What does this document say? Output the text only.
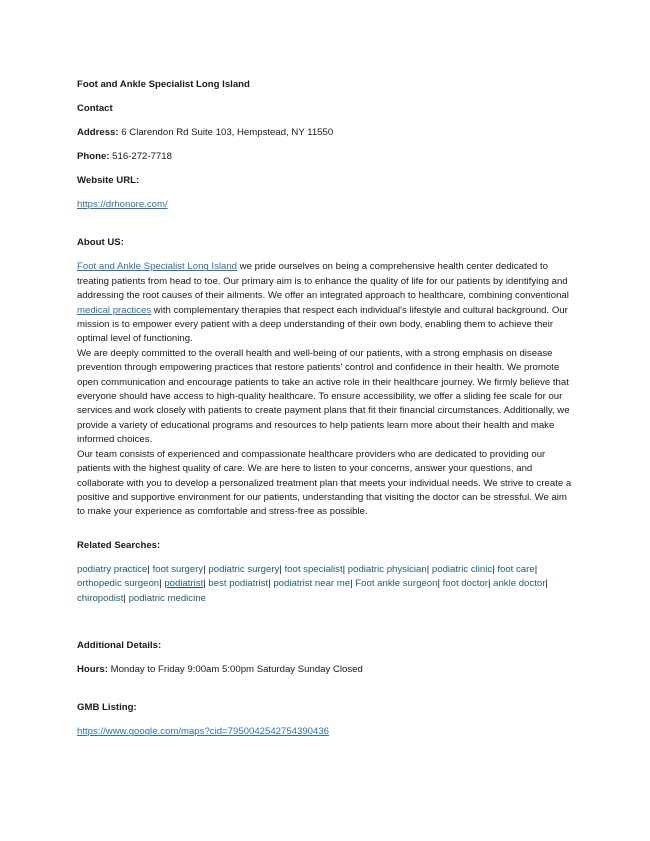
Foot and Ankle Specialist Long Island
Contact
Address: 6 Clarendon Rd Suite 103, Hempstead, NY 11550
Phone: 516-272-7718
Website URL:
https://drhonore.com/
About US:

Foot and Ankle Specialist Long Island we pride ourselves on being a comprehensive health center dedicated to treating patients from head to toe. Our primary aim is to enhance the quality of life for our patients by identifying and addressing the root causes of their ailments. We offer an integrated approach to healthcare, combining conventional medical practices with complementary therapies that respect each individual's lifestyle and cultural background. Our mission is to empower every patient with a deep understanding of their own body, enabling them to achieve their optimal level of functioning.

We are deeply committed to the overall health and well-being of our patients, with a strong emphasis on disease prevention through empowering practices that restore patients' control and confidence in their health. We promote open communication and encourage patients to take an active role in their healthcare journey. We firmly believe that everyone should have access to high-quality healthcare. To ensure accessibility, we offer a sliding fee scale for our services and work closely with patients to create payment plans that fit their financial circumstances. Additionally, we provide a variety of educational programs and resources to help patients learn more about their health and make informed choices.

Our team consists of experienced and compassionate healthcare providers who are dedicated to providing our patients with the highest quality of care. We are here to listen to your concerns, answer your questions, and collaborate with you to develop a personalized treatment plan that meets your individual needs. We strive to create a positive and supportive environment for our patients, understanding that visiting the doctor can be stressful. We aim to make your experience as comfortable and stress-free as possible.

Related Searches:
podiatry practice| foot surgery| podiatric surgery| foot specialist| podiatric physician| podiatric clinic| foot care| orthopedic surgeon| podiatrist| best podiatrist| podiatrist near me| Foot ankle surgeon| foot doctor| ankle doctor| chiropodist| podiatric medicine
Additional Details:
Hours: Monday to Friday 9:00am 5:00pm Saturday Sunday Closed
GMB Listing:
https://www.google.com/maps?cid=7950042542754390436
